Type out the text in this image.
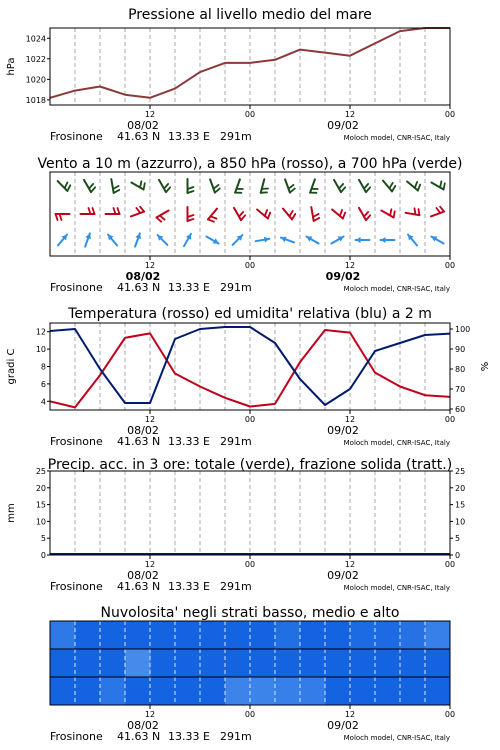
Pressione al livello medio del mare
1018
1020
1022
1024
hPa
12	00	12	00
08/02	09/02
Frosinone 41.63 N 13.33 E 291m	Moloch model, CNR-ISAC, Italy
Vento a 10 m (azzurro), a 850 hPa (rosso), a 700 hPa (verde)
12	00	12	00
08/02	09/02
Frosinone 41.63 N 13.33 E 291m	Moloch model, CNR-ISAC, Italy
Temperatura (rosso) ed umidita' relativa (blu) a 2 m
4
6
8
10
12
60
70
80
90
100
gradi C	%
12	00	12	00
08/02	09/02
Frosinone 41.63 N 13.33 E 291m	Moloch model, CNR-ISAC, Italy
Precip. acc. in 3 ore: totale (verde), frazione solida (tratt.)
0
5
10
15
20
25
0
5
10
15
20
25
mm
12	00	12	00
08/02	09/02
Frosinone 41.63 N 13.33 E 291m	Moloch model, CNR-ISAC, Italy
Nuvolosita' negli strati basso, medio e alto
12	00	12	00
08/02	09/02
Frosinone 41.63 N 13.33 E 291m	Moloch model, CNR-ISAC, Italy
